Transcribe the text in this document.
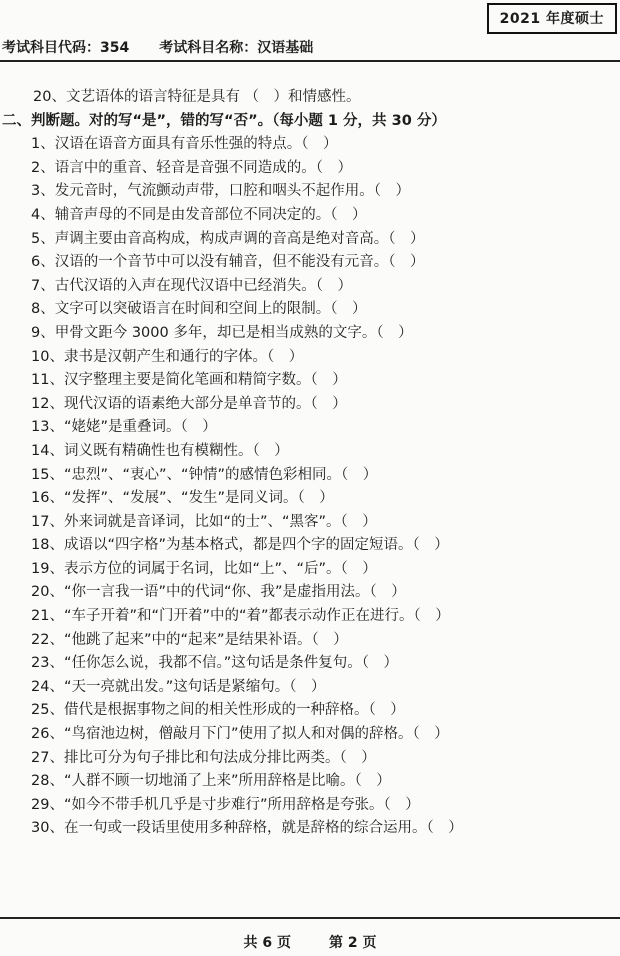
2021 年度硕士
考试科目代码：354 考试科目名称：汉语基础
20、文艺语体的语言特征是具有 （　）和情感性。
二、判断题。对的写“是”，错的写“否”。（每小题 1 分，共 30 分）
1、汉语在语音方面具有音乐性强的特点。（　）
2、语言中的重音、轻音是音强不同造成的。（　）
3、发元音时，气流颤动声带，口腔和咽头不起作用。（　）
4、辅音声母的不同是由发音部位不同决定的。（　）
5、声调主要由音高构成，构成声调的音高是绝对音高。（　）
6、汉语的一个音节中可以没有辅音，但不能没有元音。（　）
7、古代汉语的入声在现代汉语中已经消失。（　）
8、文字可以突破语言在时间和空间上的限制。（　）
9、甲骨文距今 3000 多年，却已是相当成熟的文字。（　）
10、隶书是汉朝产生和通行的字体。（　）
11、汉字整理主要是简化笔画和精简字数。（　）
12、现代汉语的语素绝大部分是单音节的。（　）
13、“姥姥”是重叠词。（　）
14、词义既有精确性也有模糊性。（　）
15、“忠烈”、“衷心”、“钟情”的感情色彩相同。（　）
16、“发挥”、“发展”、“发生”是同义词。（　）
17、外来词就是音译词，比如“的士”、“黑客”。（　）
18、成语以“四字格”为基本格式，都是四个字的固定短语。（　）
19、表示方位的词属于名词，比如“上”、“后”。（　）
20、“你一言我一语”中的代词“你、我”是虚指用法。（　）
21、“车子开着”和“门开着”中的“着”都表示动作正在进行。（　）
22、“他跳了起来”中的“起来”是结果补语。（　）
23、“任你怎么说，我都不信。”这句话是条件复句。（　）
24、“天一亮就出发。”这句话是紧缩句。（　）
25、借代是根据事物之间的相关性形成的一种辞格。（　）
26、“鸟宿池边树，僧敲月下门”使用了拟人和对偶的辞格。（　）
27、排比可分为句子排比和句法成分排比两类。（　）
28、“人群不顾一切地涌了上来”所用辞格是比喻。（　）
29、“如今不带手机几乎是寸步难行”所用辞格是夸张。（　）
30、在一句或一段话里使用多种辞格，就是辞格的综合运用。（　）
共 6 页	第 2 页
